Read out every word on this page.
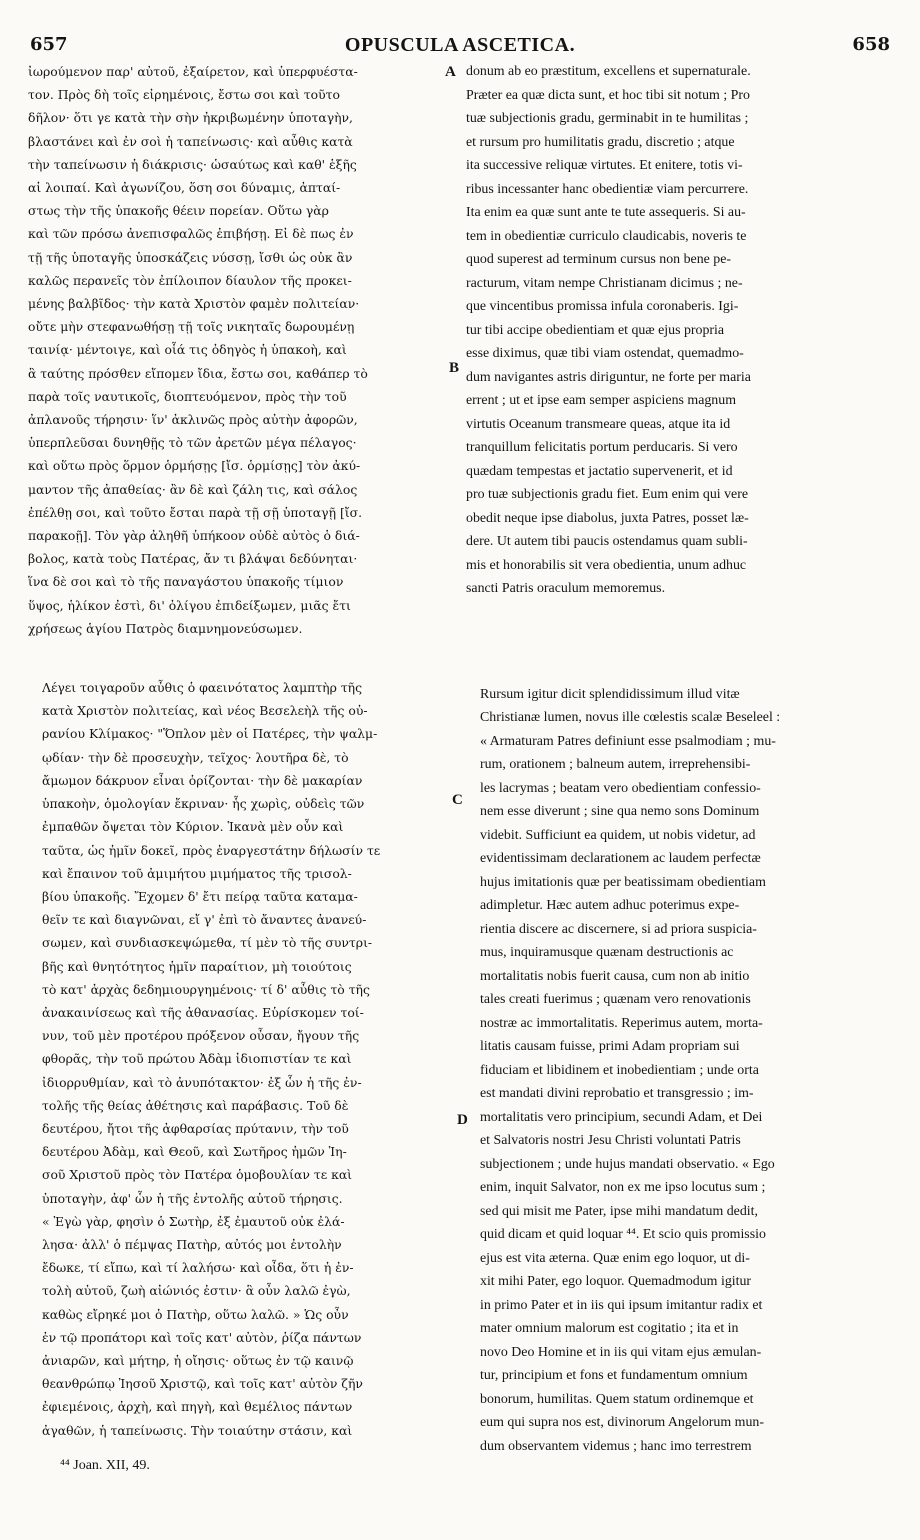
657	OPUSCULA ASCETICA.	658
A
B
C
D
ἰωρούμενον παρ' αὐτοῦ, ἐξαίρετον, καὶ ὑπερφυέστα-
τον. Πρὸς δὴ τοῖς εἰρημένοις, ἔστω σοι καὶ τοῦτο
δῆλον· ὅτι γε κατὰ τὴν σὴν ἠκριβωμένην ὑποταγὴν,
βλαστάνει καὶ ἐν σοὶ ἡ ταπείνωσις· καὶ αὖθις κατὰ
τὴν ταπείνωσιν ἡ διάκρισις· ὡσαύτως καὶ καθ' ἑξῆς
αἱ λοιπαί. Καὶ ἀγωνίζου, ὅση σοι δύναμις, ἀπταί-
στως τὴν τῆς ὑπακοῆς θέειν πορείαν. Οὕτω γὰρ
καὶ τῶν πρόσω ἀνεπισφαλῶς ἐπιβήσῃ. Εἰ δὲ πως ἐν
τῇ τῆς ὑποταγῆς ὑποσκάζεις νύσσῃ, ἴσθι ὡς οὐκ ἂν
καλῶς περανεῖς τὸν ἐπίλοιπον δίαυλον τῆς προκει-
μένης βαλβῖδος· τὴν κατὰ Χριστὸν φαμὲν πολιτείαν·
οὔτε μὴν στεφανωθήσῃ τῇ τοῖς νικηταῖς δωρουμένῃ
ταινίᾳ· μέντοιγε, καὶ οἷά τις ὁδηγὸς ἡ ὑπακοὴ, καὶ
ἃ ταύτης πρόσθεν εἴπομεν ἴδια, ἔστω σοι, καθάπερ τὸ
παρὰ τοῖς ναυτικοῖς, διοπτευόμενον, πρὸς τὴν τοῦ
ἀπλανοῦς τήρησιν· ἵν' ἀκλινῶς πρὸς αὐτὴν ἀφορῶν,
ὑπερπλεῦσαι δυνηθῇς τὸ τῶν ἀρετῶν μέγα πέλαγος·
καὶ οὕτω πρὸς ὅρμον ὁρμήσῃς [ἴσ. ὁρμίσῃς] τὸν ἀκύ-
μαντον τῆς ἀπαθείας· ἂν δὲ καὶ ζάλη τις, καὶ σάλος
ἐπέλθῃ σοι, καὶ τοῦτο ἔσται παρὰ τῇ σῇ ὑποταγῇ [ἴσ.
παρακοῇ]. Τὸν γὰρ ἀληθῆ ὑπήκοον οὐδὲ αὐτὸς ὁ διά-
βολος, κατὰ τοὺς Πατέρας, ἄν τι βλάψαι δεδύνηται·
ἵνα δὲ σοι καὶ τὸ τῆς παναγάστου ὑπακοῆς τίμιον
ὕψος, ἡλίκον ἐστὶ, δι' ὀλίγου ἐπιδείξωμεν, μιᾶς ἔτι
χρήσεως ἁγίου Πατρὸς διαμνημονεύσωμεν.
Λέγει τοιγαροῦν αὖθις ὁ φαεινότατος λαμπτὴρ τῆς
κατὰ Χριστὸν πολιτείας, καὶ νέος Βεσελεὴλ τῆς οὐ-
ρανίου Κλίμακος· "Ὅπλον μὲν οἱ Πατέρες, τὴν ψαλμ-
ῳδίαν· τὴν δὲ προσευχὴν, τεῖχος· λουτῆρα δὲ, τὸ
ἄμωμον δάκρυον εἶναι ὁρίζονται· τὴν δὲ μακαρίαν
ὑπακοὴν, ὁμολογίαν ἔκριναν· ἧς χωρὶς, οὐδεὶς τῶν
ἐμπαθῶν ὄψεται τὸν Κύριον. Ἱκανὰ μὲν οὖν καὶ
ταῦτα, ὡς ἡμῖν δοκεῖ, πρὸς ἐναργεστάτην δήλωσίν τε
καὶ ἔπαινον τοῦ ἀμιμήτου μιμήματος τῆς τρισολ-
βίου ὑπακοῆς. Ἔχομεν δ' ἔτι πείρᾳ ταῦτα καταμα-
θεῖν τε καὶ διαγνῶναι, εἴ γ' ἐπὶ τὸ ἄναντες ἀνανεύ-
σωμεν, καὶ συνδιασκεψώμεθα, τί μὲν τὸ τῆς συντρι-
βῆς καὶ θνητότητος ἡμῖν παραίτιον, μὴ τοιούτοις
τὸ κατ' ἀρχὰς δεδημιουργημένοις· τί δ' αὖθις τὸ τῆς
ἀνακαινίσεως καὶ τῆς ἀθανασίας. Εὑρίσκομεν τοί-
νυν, τοῦ μὲν προτέρου πρόξενον οὖσαν, ἤγουν τῆς
φθορᾶς, τὴν τοῦ πρώτου Ἀδὰμ ἰδιοπιστίαν τε καὶ
ἰδιορρυθμίαν, καὶ τὸ ἀνυπότακτον· ἐξ ὧν ἡ τῆς ἐν-
τολῆς τῆς θείας ἀθέτησις καὶ παράβασις. Τοῦ δὲ
δευτέρου, ἤτοι τῆς ἀφθαρσίας πρύτανιν, τὴν τοῦ
δευτέρου Ἀδὰμ, καὶ Θεοῦ, καὶ Σωτῆρος ἡμῶν Ἰη-
σοῦ Χριστοῦ πρὸς τὸν Πατέρα ὁμοβουλίαν τε καὶ
ὑποταγὴν, ἀφ' ὧν ἡ τῆς ἐντολῆς αὐτοῦ τήρησις.
« Ἐγὼ γὰρ, φησὶν ὁ Σωτὴρ, ἐξ ἐμαυτοῦ οὐκ ἐλά-
λησα· ἀλλ' ὁ πέμψας Πατὴρ, αὐτός μοι ἐντολὴν
ἔδωκε, τί εἴπω, καὶ τί λαλήσω· καὶ οἶδα, ὅτι ἡ ἐν-
τολὴ αὐτοῦ, ζωὴ αἰώνιός ἐστιν· ἃ οὖν λαλῶ ἐγὼ,
καθὼς εἴρηκέ μοι ὁ Πατὴρ, οὕτω λαλῶ. » Ὡς οὖν
ἐν τῷ προπάτορι καὶ τοῖς κατ' αὐτὸν, ῥίζα πάντων
ἀνιαρῶν, καὶ μήτηρ, ἡ οἴησις· οὕτως ἐν τῷ καινῷ
θεανθρώπῳ Ἰησοῦ Χριστῷ, καὶ τοῖς κατ' αὐτὸν ζῆν
ἐφιεμένοις, ἀρχὴ, καὶ πηγὴ, καὶ θεμέλιος πάντων
ἀγαθῶν, ἡ ταπείνωσις. Τὴν τοιαύτην στάσιν, καὶ
donum ab eo præstitum, excellens et supernaturale.
Præter ea quæ dicta sunt, et hoc tibi sit notum ; Pro
tuæ subjectionis gradu, germinabit in te humilitas ;
et rursum pro humilitatis gradu, discretio ; atque
ita successive reliquæ virtutes. Et enitere, totis vi-
ribus incessanter hanc obedientiæ viam percurrere.
Ita enim ea quæ sunt ante te tute assequeris. Si au-
tem in obedientiæ curriculo claudicabis, noveris te
quod superest ad terminum cursus non bene pe-
racturum, vitam nempe Christianam dicimus ; ne-
que vincentibus promissa infula coronaberis. Igi-
tur tibi accipe obedientiam et quæ ejus propria
esse diximus, quæ tibi viam ostendat, quemadmo-
dum navigantes astris diriguntur, ne forte per maria
errent ; ut et ipse eam semper aspiciens magnum
virtutis Oceanum transmeare queas, atque ita id
tranquillum felicitatis portum perducaris. Si vero
quædam tempestas et jactatio supervenerit, et id
pro tuæ subjectionis gradu fiet. Eum enim qui vere
obedit neque ipse diabolus, juxta Patres, posset læ-
dere. Ut autem tibi paucis ostendamus quam subli-
mis et honorabilis sit vera obedientia, unum adhuc
sancti Patris oraculum memoremus.
Rursum igitur dicit splendidissimum illud vitæ
Christianæ lumen, novus ille cœlestis scalæ Beseleel :
« Armaturam Patres definiunt esse psalmodiam ; mu-
rum, orationem ; balneum autem, irreprehensibi-
les lacrymas ; beatam vero obedientiam confessio-
nem esse diverunt ; sine qua nemo sons Dominum
videbit. Sufficiunt ea quidem, ut nobis videtur, ad
evidentissimam declarationem ac laudem perfectæ
hujus imitationis quæ per beatissimam obedientiam
adimpletur. Hæc autem adhuc poterimus expe-
rientia discere ac discernere, si ad priora suspicia-
mus, inquiramusque quænam destructionis ac
mortalitatis nobis fuerit causa, cum non ab initio
tales creati fuerimus ; quænam vero renovationis
nostræ ac immortalitatis. Reperimus autem, morta-
litatis causam fuisse, primi Adam propriam sui
fiduciam et libidinem et inobedientiam ; unde orta
est mandati divini reprobatio et transgressio ; im-
mortalitatis vero principium, secundi Adam, et Dei
et Salvatoris nostri Jesu Christi voluntati Patris
subjectionem ; unde hujus mandati observatio. « Ego
enim, inquit Salvator, non ex me ipso locutus sum ;
sed qui misit me Pater, ipse mihi mandatum dedit,
quid dicam et quid loquar ⁴⁴. Et scio quis promissio
ejus est vita æterna. Quæ enim ego loquor, ut di-
xit mihi Pater, ego loquor. Quemadmodum igitur
in primo Pater et in iis qui ipsum imitantur radix et
mater omnium malorum est cogitatio ; ita et in
novo Deo Homine et in iis qui vitam ejus æmulan-
tur, principium et fons et fundamentum omnium
bonorum, humilitas. Quem statum ordinemque et
eum qui supra nos est, divinorum Angelorum mun-
dum observantem videmus ; hanc imo terrestrem
⁴⁴ Joan. XII, 49.
